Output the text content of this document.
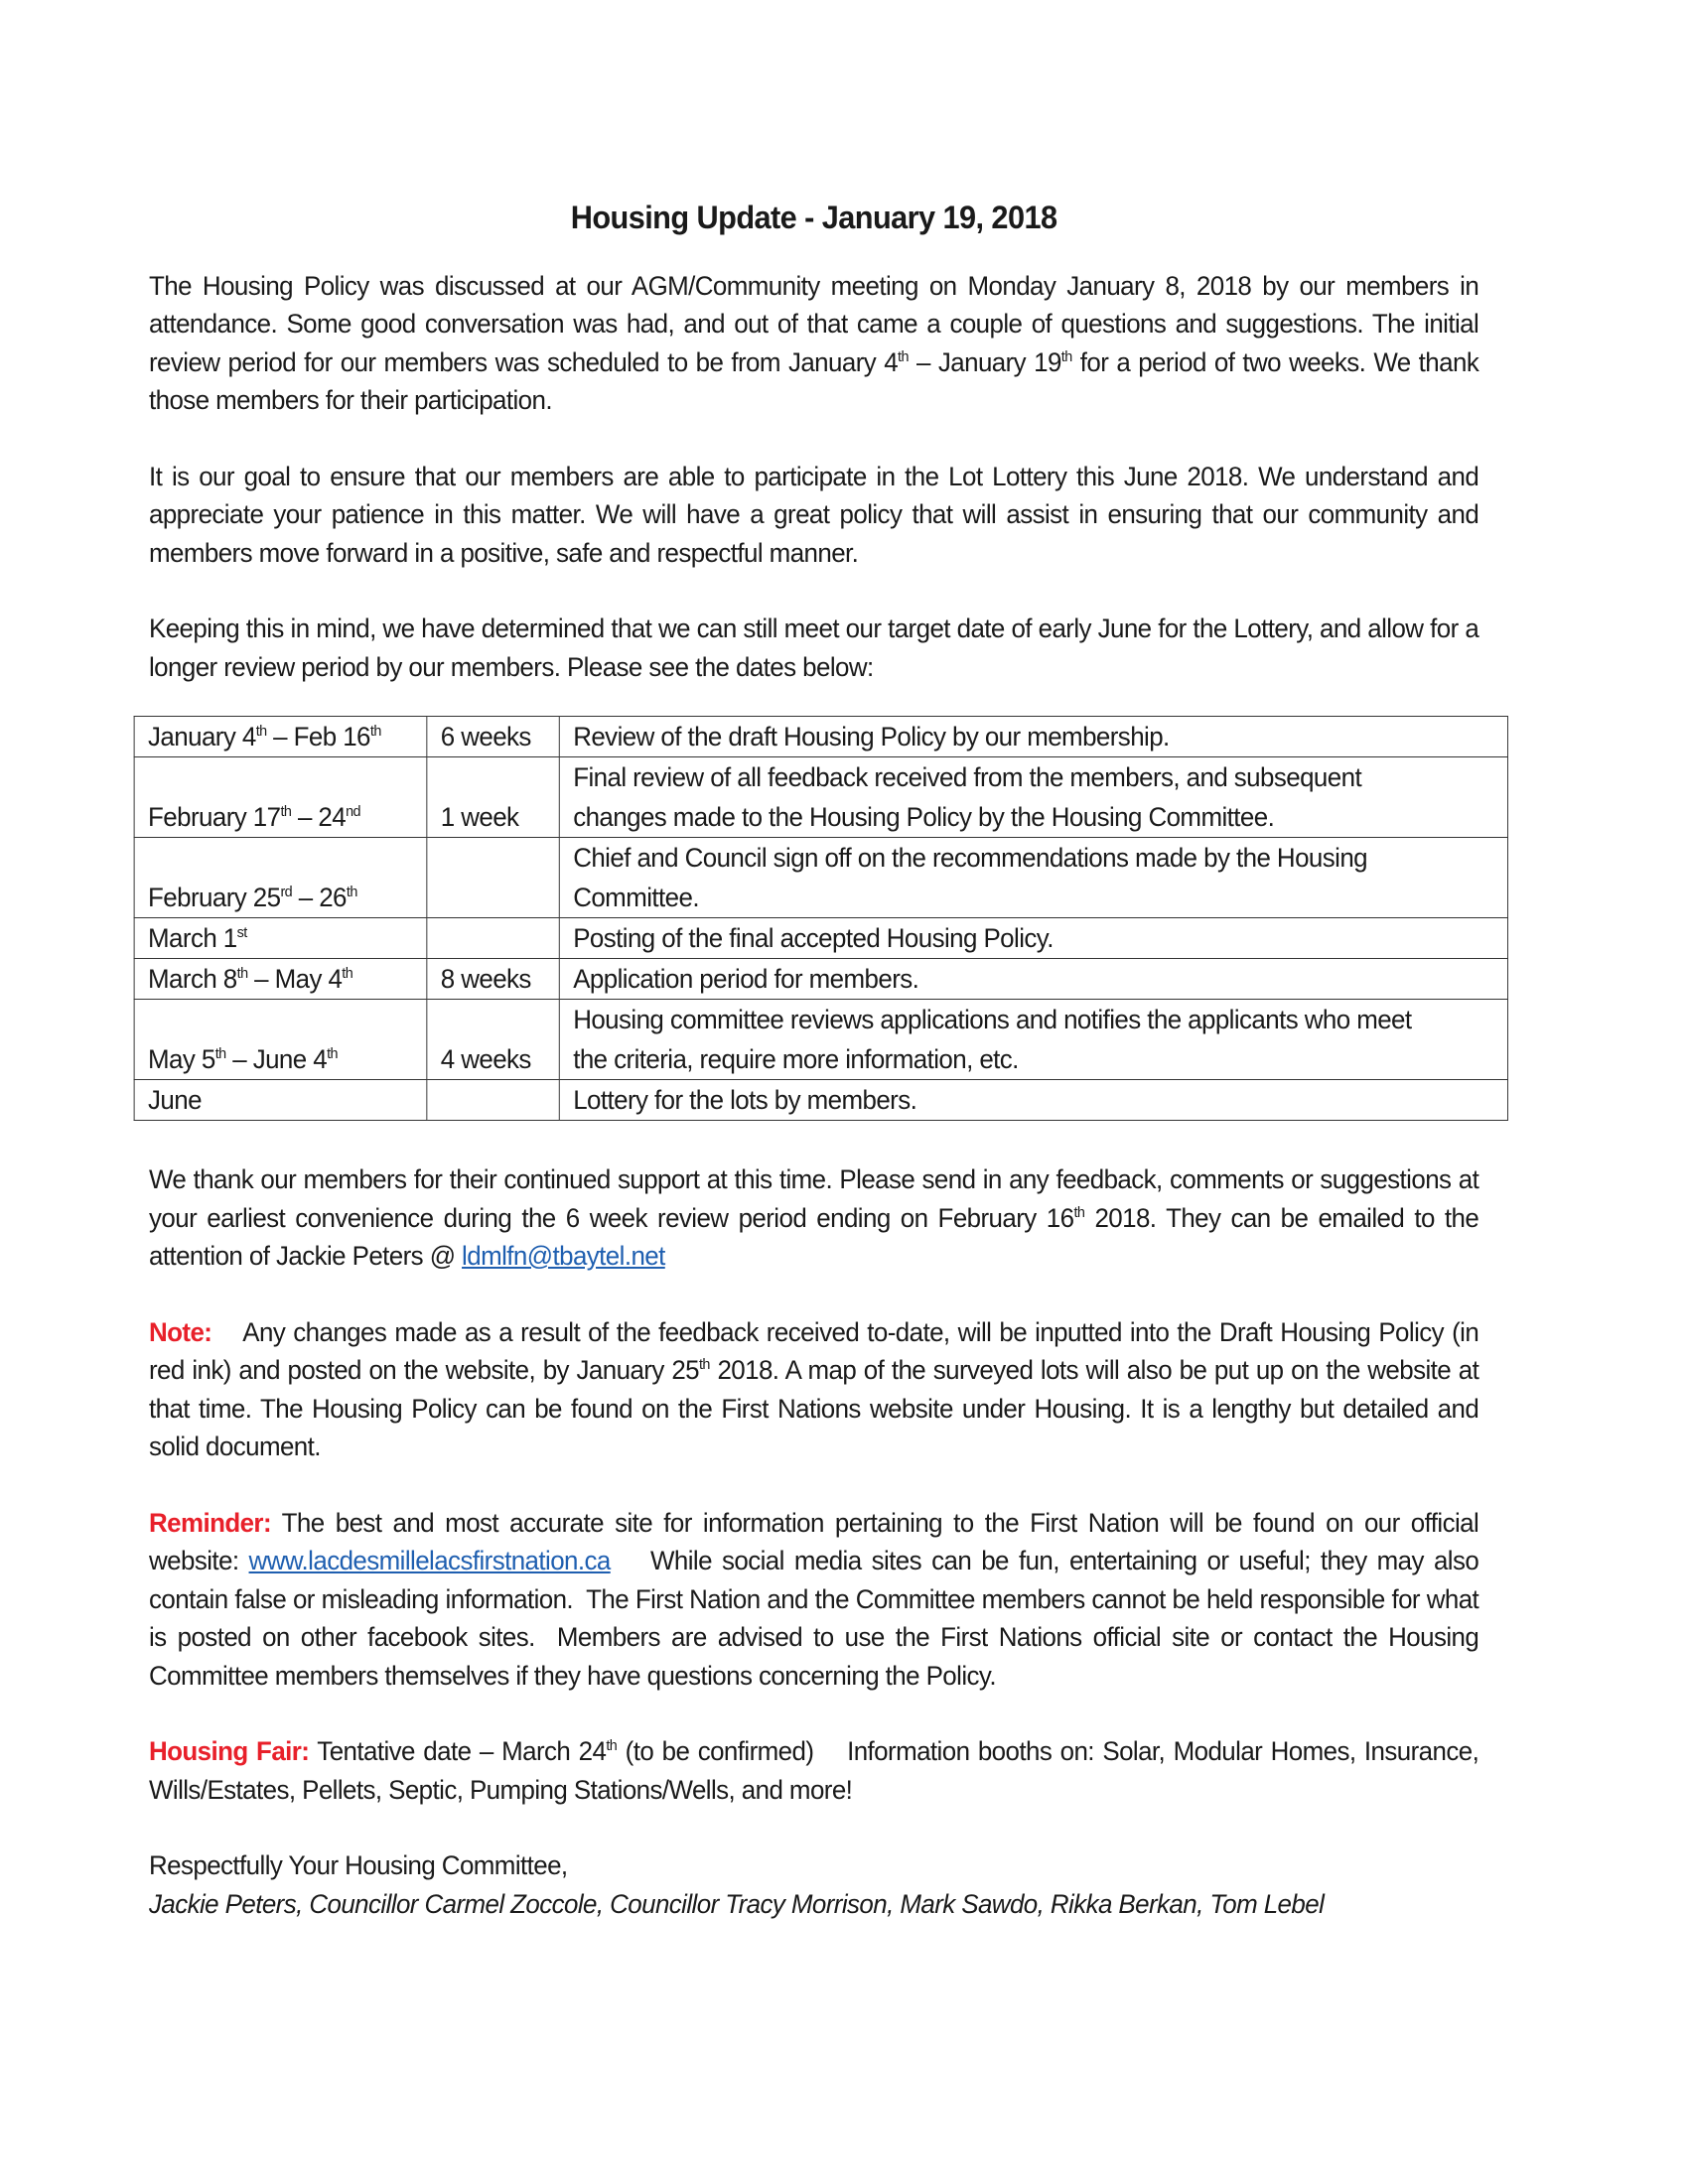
Housing Update - January 19, 2018

The Housing Policy was discussed at our AGM/Community meeting on Monday January 8, 2018 by our members in attendance. Some good conversation was had, and out of that came a couple of questions and suggestions. The initial review period for our members was scheduled to be from January 4th – January 19th for a period of two weeks. We thank those members for their participation.

It is our goal to ensure that our members are able to participate in the Lot Lottery this June 2018. We understand and appreciate your patience in this matter. We will have a great policy that will assist in ensuring that our community and members move forward in a positive, safe and respectful manner.

Keeping this in mind, we have determined that we can still meet our target date of early June for the Lottery, and allow for a longer review period by our members. Please see the dates below:

January 4th – Feb 16th	6 weeks	Review of the draft Housing Policy by our membership.

February 17th – 24nd	1 week	Final review of all feedback received from the members, and subsequent
changes made to the Housing Policy by the Housing Committee.

February 25rd – 26th		Chief and Council sign off on the recommendations made by the Housing
Committee.

March 1st		Posting of the final accepted Housing Policy.

March 8th – May 4th	8 weeks	Application period for members.

May 5th – June 4th	4 weeks	Housing committee reviews applications and notifies the applicants who meet
the criteria, require more information, etc.

June		Lottery for the lots by members.

We thank our members for their continued support at this time. Please send in any feedback, comments or suggestions at your earliest convenience during the 6 week review period ending on February 16th 2018. They can be emailed to the attention of Jackie Peters @ ldmlfn@tbaytel.net

Note:    Any changes made as a result of the feedback received to-date, will be inputted into the Draft Housing Policy (in red ink) and posted on the website, by January 25th 2018. A map of the surveyed lots will also be put up on the website at that time. The Housing Policy can be found on the First Nations website under Housing. It is a lengthy but detailed and solid document.

Reminder: The best and most accurate site for information pertaining to the First Nation will be found on our official website: www.lacdesmillelacsfirstnation.ca    While social media sites can be fun, entertaining or useful; they may also contain false or misleading information.  The First Nation and the Committee members cannot be held responsible for what is posted on other facebook sites.  Members are advised to use the First Nations official site or contact the Housing Committee members themselves if they have questions concerning the Policy.

Housing Fair: Tentative date – March 24th (to be confirmed)    Information booths on: Solar, Modular Homes, Insurance, Wills/Estates, Pellets, Septic, Pumping Stations/Wells, and more!

Respectfully Your Housing Committee,

Jackie Peters, Councillor Carmel Zoccole, Councillor Tracy Morrison, Mark Sawdo, Rikka Berkan, Tom Lebel
